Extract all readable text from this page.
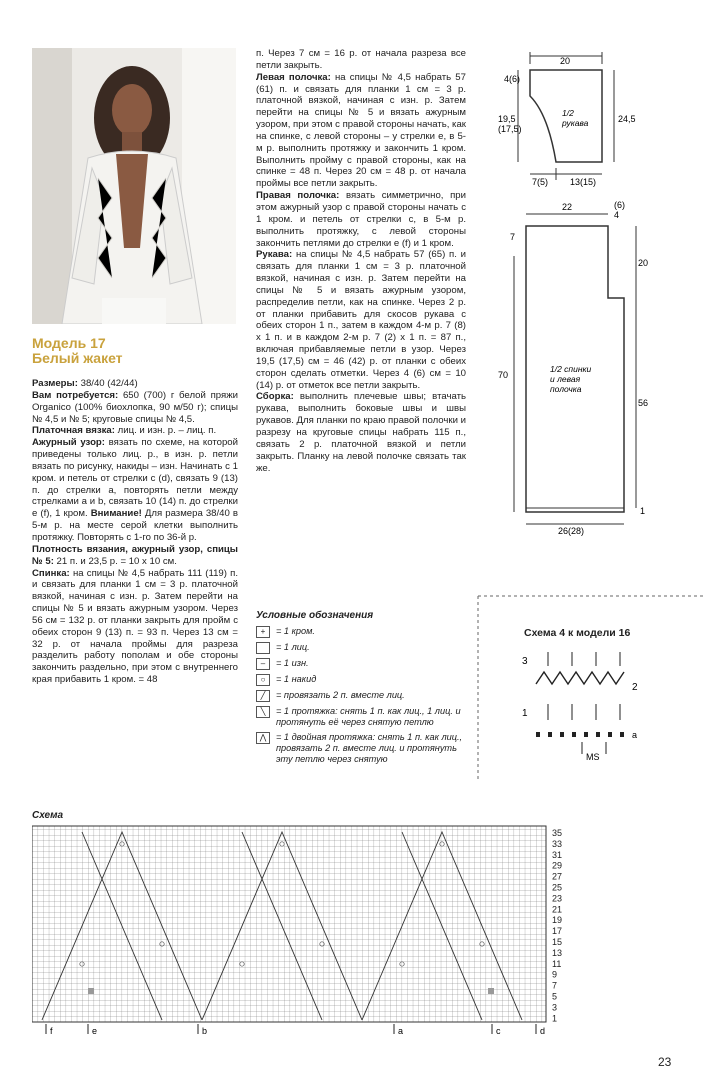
Модель 17
Белый жакет

Размеры: 38/40 (42/44)

Вам потребуется: 650 (700) г белой пряжи Organico (100% биохлопка, 90 м/50 г); спицы № 4,5 и № 5; круговые спицы № 4,5.

Платочная вязка: лиц. и изн. р. – лиц. п.

Ажурный узор: вязать по схеме, на которой приведены только лиц. р., в изн. р. петли вязать по рисунку, накиды – изн. Начинать с 1 кром. и петель от стрелки с (d), связать 9 (13) п. до стрелки a, повторять петли между стрелками a и b, связать 10 (14) п. до стрелки e (f), 1 кром. Внимание! Для размера 38/40 в 5-м р. на месте серой клетки выполнить протяжку. Повторять с 1-го по 36-й р.

Плотность вязания, ажурный узор, спицы № 5: 21 п. и 23,5 р. = 10 х 10 см.

Спинка: на спицы № 4,5 набрать 111 (119) п. и связать для планки 1 см = 3 р. платочной вязкой, начиная с изн. р. Затем перейти на спицы № 5 и вязать ажурным узором. Через 56 см = 132 р. от планки закрыть для пройм с обеих сторон 9 (13) п. = 93 п. Через 13 см = 32 р. от начала проймы для разреза разделить работу пополам и обе стороны закончить раздельно, при этом с внутреннего края прибавить 1 кром. = 48

п. Через 7 см = 16 р. от начала разреза все петли закрыть.

Левая полочка: на спицы № 4,5 набрать 57 (61) п. и связать для планки 1 см = 3 р. платочной вязкой, начиная с изн. р. Затем перейти на спицы № 5 и вязать ажурным узором, при этом с правой стороны начать, как на спинке, с левой стороны – у стрелки e, в 5-м р. выполнить протяжку и закончить 1 кром. Выполнить пройму с правой стороны, как на спинке = 48 п. Через 20 см = 48 р. от начала проймы все петли закрыть.

Правая полочка: вязать симметрично, при этом ажурный узор с правой стороны начать с 1 кром. и петель от стрелки c, в 5-м р. выполнить протяжку, с левой стороны закончить петлями до стрелки e (f) и 1 кром.

Рукава: на спицы № 4,5 набрать 57 (65) п. и связать для планки 1 см = 3 р. платочной вязкой, начиная с изн. р. Затем перейти на спицы № 5 и вязать ажурным узором, распределив петли, как на спинке. Через 2 р. от планки прибавить для скосов рукава с обеих сторон 1 п., затем в каждом 4-м р. 7 (8) х 1 п. и в каждом 2-м р. 7 (2) х 1 п. = 87 п., включая прибавляемые петли в узор. Через 19,5 (17,5) см = 46 (42) р. от планки с обеих сторон сделать отметки. Через 4 (6) см = 10 (14) р. от отметок все петли закрыть.

Сборка: выполнить плечевые швы; втачать рукава, выполнить боковые швы и швы рукавов. Для планки по краю правой полочки и разрезу на круговые спицы набрать 115 п., связать 2 р. платочной вязкой и петли закрыть. Планку на левой полочке связать так же.

Условные обозначения
+	= 1 кром.
= 1 лиц.
–	= 1 изн.
○	= 1 накид
╱	= провязать 2 п. вместе лиц.
╲	= 1 протяжка: снять 1 п. как лиц., 1 лиц. и протянуть её через снятую петлю
⋀	= 1 двойная протяжка: снять 1 п. как лиц., провязать 2 п. вместе лиц. и протянуть эту петлю через снятую
20
4(6)
19,5 (17,5)
24,5
1/2 рукава
7(5) 13(15)
22	(6) 4
7
70
20
56
26(28)
1/2 спинки и левая полочка
1
Схема 4 к модели 16
3
2
1
a
MS
Схема
35
33
31
29
27
25
23
21
19
17
15
13
11
9
7
5
3
1
f	e	b	a	c	d
23
